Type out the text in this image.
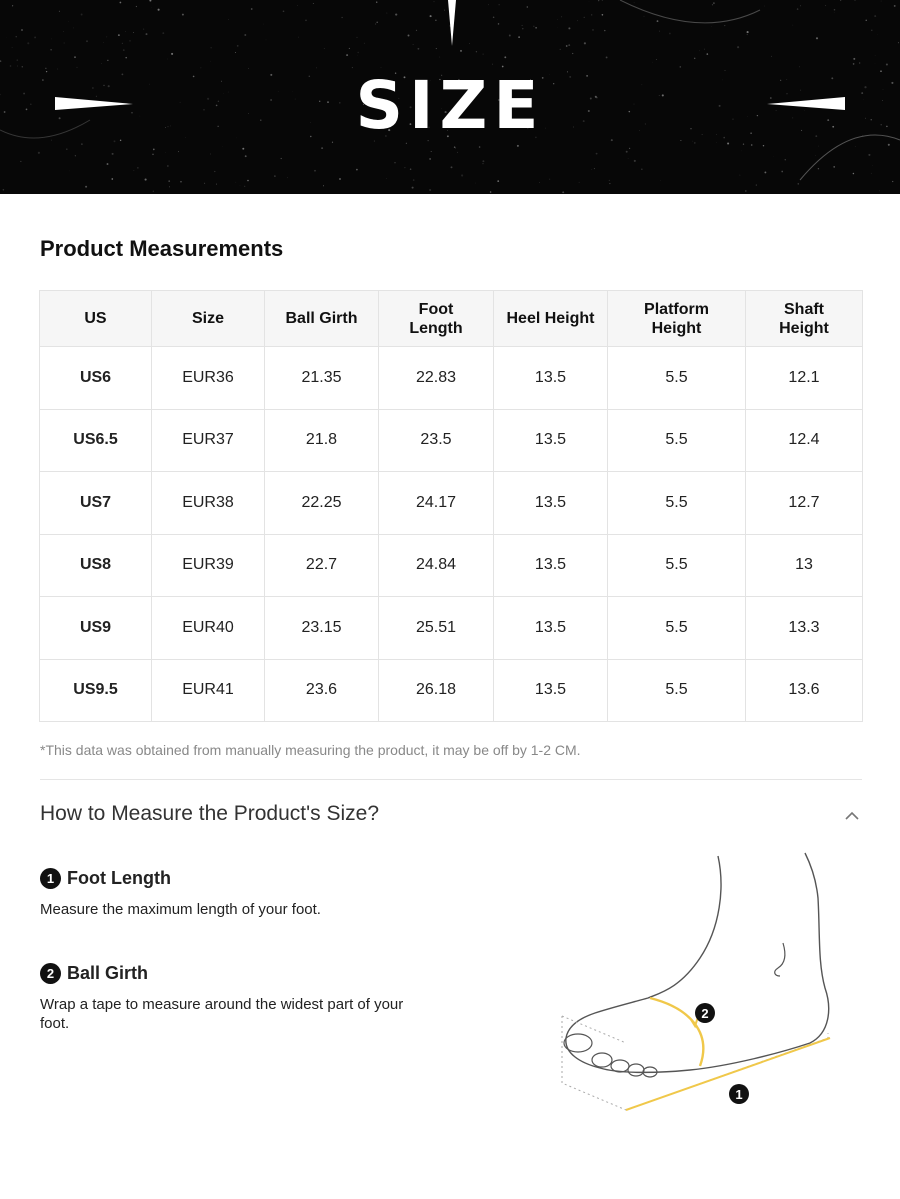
SIZE
Product Measurements
US	Size	Ball Girth	Foot Length	Heel Height	Platform Height	Shaft Height

US6	EUR36	21.35	22.83	13.5	5.5	12.1
US6.5	EUR37	21.8	23.5	13.5	5.5	12.4
US7	EUR38	22.25	24.17	13.5	5.5	12.7
US8	EUR39	22.7	24.84	13.5	5.5	13
US9	EUR40	23.15	25.51	13.5	5.5	13.3
US9.5	EUR41	23.6	26.18	13.5	5.5	13.6
*This data was obtained from manually measuring the product, it may be off by 1-2 CM.
How to Measure the Product's Size?
1 Foot Length
Measure the maximum length of your foot.
2 Ball Girth
Wrap a tape to measure around the widest part of your foot.
2
1
